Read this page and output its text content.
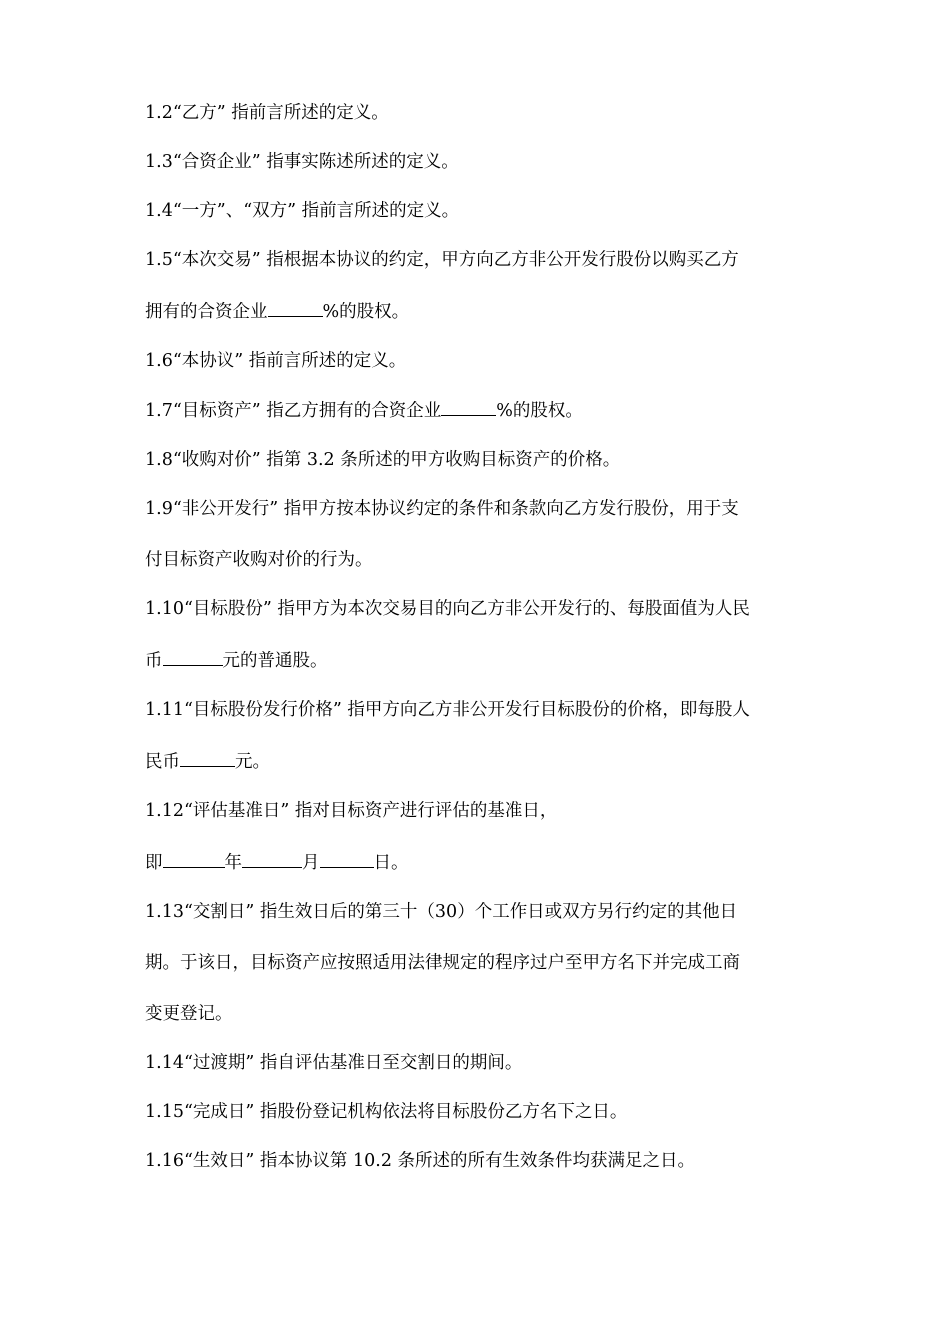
1.2“乙方” 指前言所述的定义。

1.3“合资企业” 指事实陈述所述的定义。

1.4“一方”、“双方” 指前言所述的定义。

1.5“本次交易” 指根据本协议的约定，甲方向乙方非公开发行股份以购买乙方

拥有的合资企业	%的股权。

1.6“本协议” 指前言所述的定义。

1.7“目标资产” 指乙方拥有的合资企业	%的股权。

1.8“收购对价” 指第 3.2 条所述的甲方收购目标资产的价格。

1.9“非公开发行” 指甲方按本协议约定的条件和条款向乙方发行股份，用于支

付目标资产收购对价的行为。

1.10“目标股份” 指甲方为本次交易目的向乙方非公开发行的、每股面值为人民

币	元的普通股。

1.11“目标股份发行价格” 指甲方向乙方非公开发行目标股份的价格，即每股人

民币	元。

1.12“评估基准日” 指对目标资产进行评估的基准日，

即	年	月	日。

1.13“交割日” 指生效日后的第三十（30）个工作日或双方另行约定的其他日

期。于该日，目标资产应按照适用法律规定的程序过户至甲方名下并完成工商

变更登记。

1.14“过渡期” 指自评估基准日至交割日的期间。

1.15“完成日” 指股份登记机构依法将目标股份乙方名下之日。

1.16“生效日” 指本协议第 10.2 条所述的所有生效条件均获满足之日。
